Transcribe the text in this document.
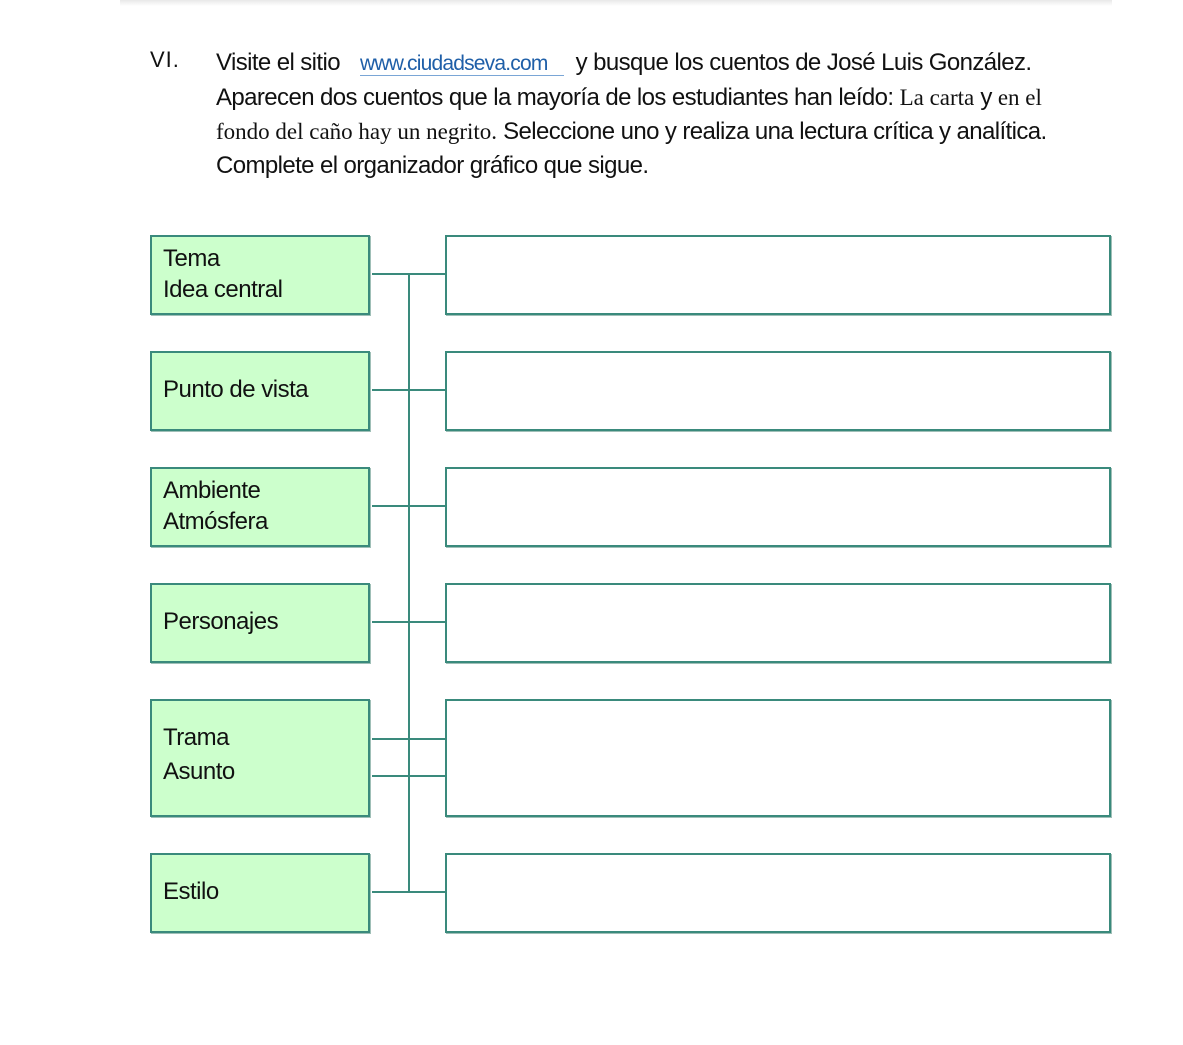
VI. Visite el sitio www.ciudadseva.com y busque los cuentos de José Luis González. Aparecen dos cuentos que la mayoría de los estudiantes han leído: La carta y en el fondo del caño hay un negrito. Seleccione uno y realiza una lectura crítica y analítica. Complete el organizador gráfico que sigue.
Tema
Idea central
Punto de vista
Ambiente
Atmósfera
Personajes
Trama
Asunto
Estilo
